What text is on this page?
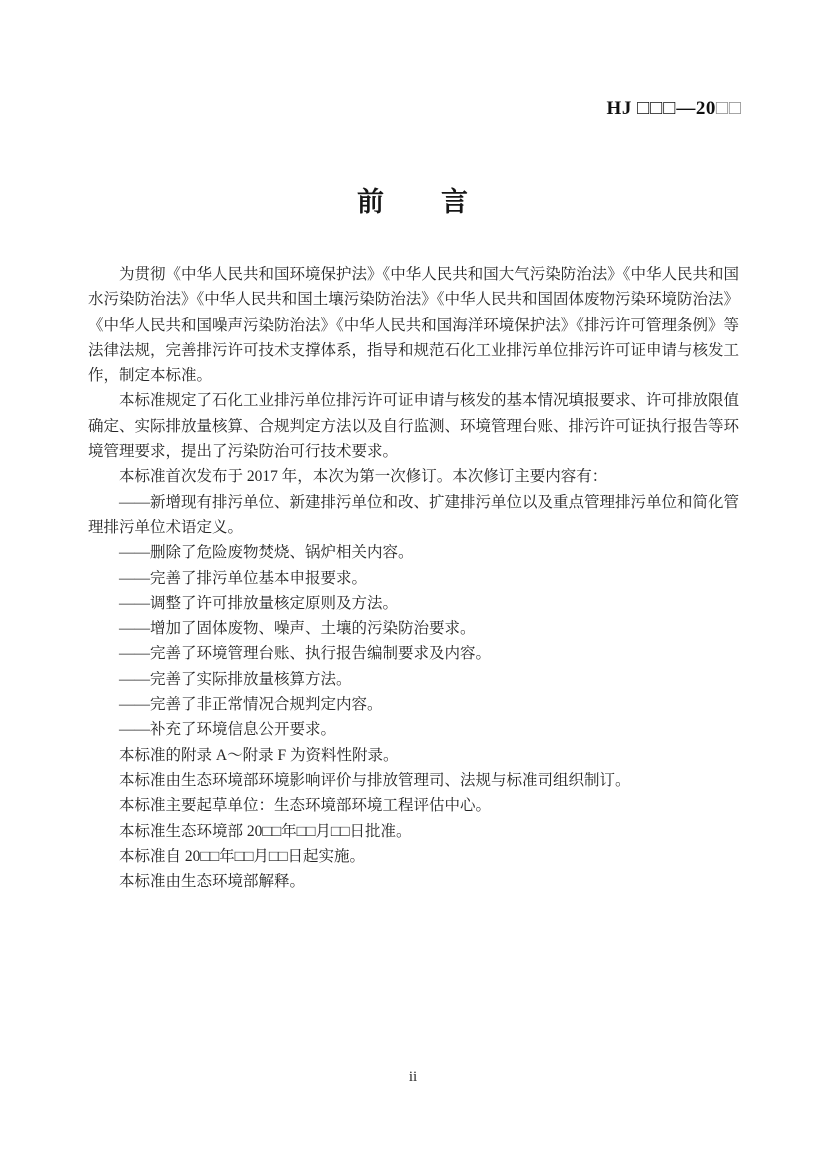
HJ □□□—20□□
前　　言

为贯彻《中华人民共和国环境保护法》《中华人民共和国大气污染防治法》《中华人民共和国水污染防治法》《中华人民共和国土壤污染防治法》《中华人民共和国固体废物污染环境防治法》《中华人民共和国噪声污染防治法》《中华人民共和国海洋环境保护法》《排污许可管理条例》等法律法规，完善排污许可技术支撑体系，指导和规范石化工业排污单位排污许可证申请与核发工作，制定本标准。

本标准规定了石化工业排污单位排污许可证申请与核发的基本情况填报要求、许可排放限值确定、实际排放量核算、合规判定方法以及自行监测、环境管理台账、排污许可证执行报告等环境管理要求，提出了污染防治可行技术要求。

本标准首次发布于 2017 年，本次为第一次修订。本次修订主要内容有：

——新增现有排污单位、新建排污单位和改、扩建排污单位以及重点管理排污单位和简化管理排污单位术语定义。

——删除了危险废物焚烧、锅炉相关内容。

——完善了排污单位基本申报要求。

——调整了许可排放量核定原则及方法。

——增加了固体废物、噪声、土壤的污染防治要求。

——完善了环境管理台账、执行报告编制要求及内容。

——完善了实际排放量核算方法。

——完善了非正常情况合规判定内容。

——补充了环境信息公开要求。

本标准的附录 A～附录 F 为资料性附录。

本标准由生态环境部环境影响评价与排放管理司、法规与标准司组织制订。

本标准主要起草单位：生态环境部环境工程评估中心。

本标准生态环境部 20□□年□□月□□日批准。

本标准自 20□□年□□月□□日起实施。

本标准由生态环境部解释。

ii
